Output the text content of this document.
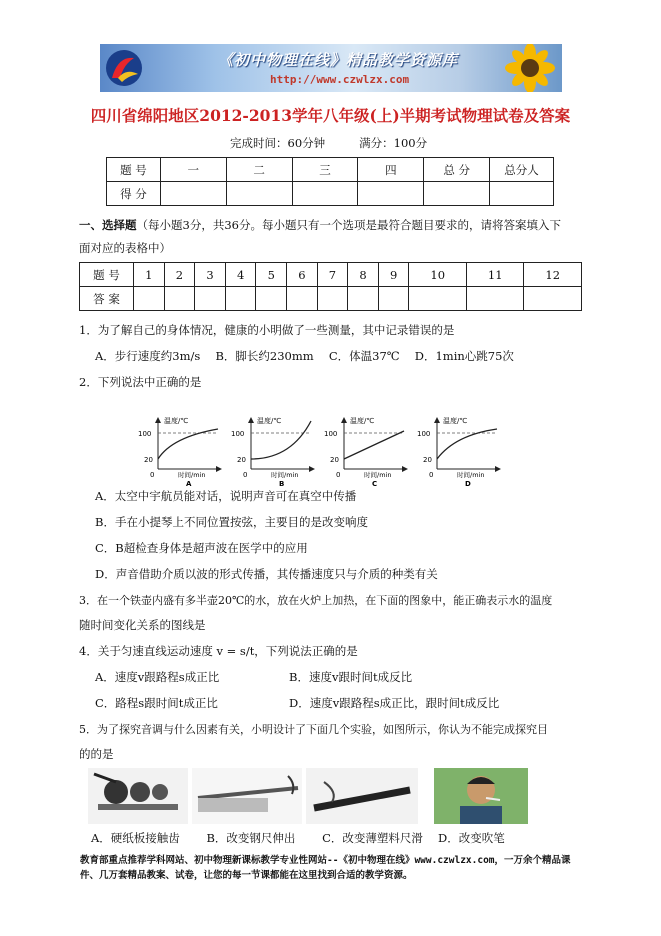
《初中物理在线》精品教学资源库
http://www.czwlzx.com
四川省绵阳地区2012-2013学年八年级(上)半期考试物理试卷及答案
完成时间：60分钟	满分：100分
题 号	一	二	三	四	总 分	总分人
得 分						
一、选择题（每小题3分，共36分。每小题只有一个选项是最符合题目要求的，请将答案填入下
面对应的表格中）
题 号	1	2	3	4	5	6	7	8	9	10	11	12
答 案												
1．为了解自己的身体情况，健康的小明做了一些测量，其中记录错误的是
A．步行速度约3m/s　 B．脚长约230mm　 C．体温37℃　 D．1min心跳75次
2．下列说法中正确的是
100
20
0
温度/℃
时间/min
A
100
20
0
温度/℃
时间/min
B
100
20
0
温度/℃
时间/min
C
100
20
0
温度/℃
时间/min
D
A．太空中宇航员能对话，说明声音可在真空中传播
B．手在小提琴上不同位置按弦，主要目的是改变响度
C．B超检查身体是超声波在医学中的应用
D．声音借助介质以波的形式传播，其传播速度只与介质的种类有关
3．在一个铁壶内盛有多半壶20℃的水，放在火炉上加热，在下面的图象中，能正确表示水的温度
随时间变化关系的图线是
4．关于匀速直线运动速度 v = s/t，下列说法正确的是
A．速度v跟路程s成正比	B．速度v跟时间t成反比
C．路程s跟时间t成正比	D．速度v跟路程s成正比，跟时间t成反比
5．为了探究音调与什么因素有关，小明设计了下面几个实验，如图所示，你认为不能完成探究目
的的是
A．硬纸板接触齿　　 B．改变钢尺伸出　　 C．改变薄塑料尺滑　 D．改变吹笔
教育部重点推荐学科网站、初中物理新课标教学专业性网站--《初中物理在线》www.czwlzx.com，一万余个精品课
件、几万套精品教案、试卷，让您的每一节课都能在这里找到合适的教学资源。
